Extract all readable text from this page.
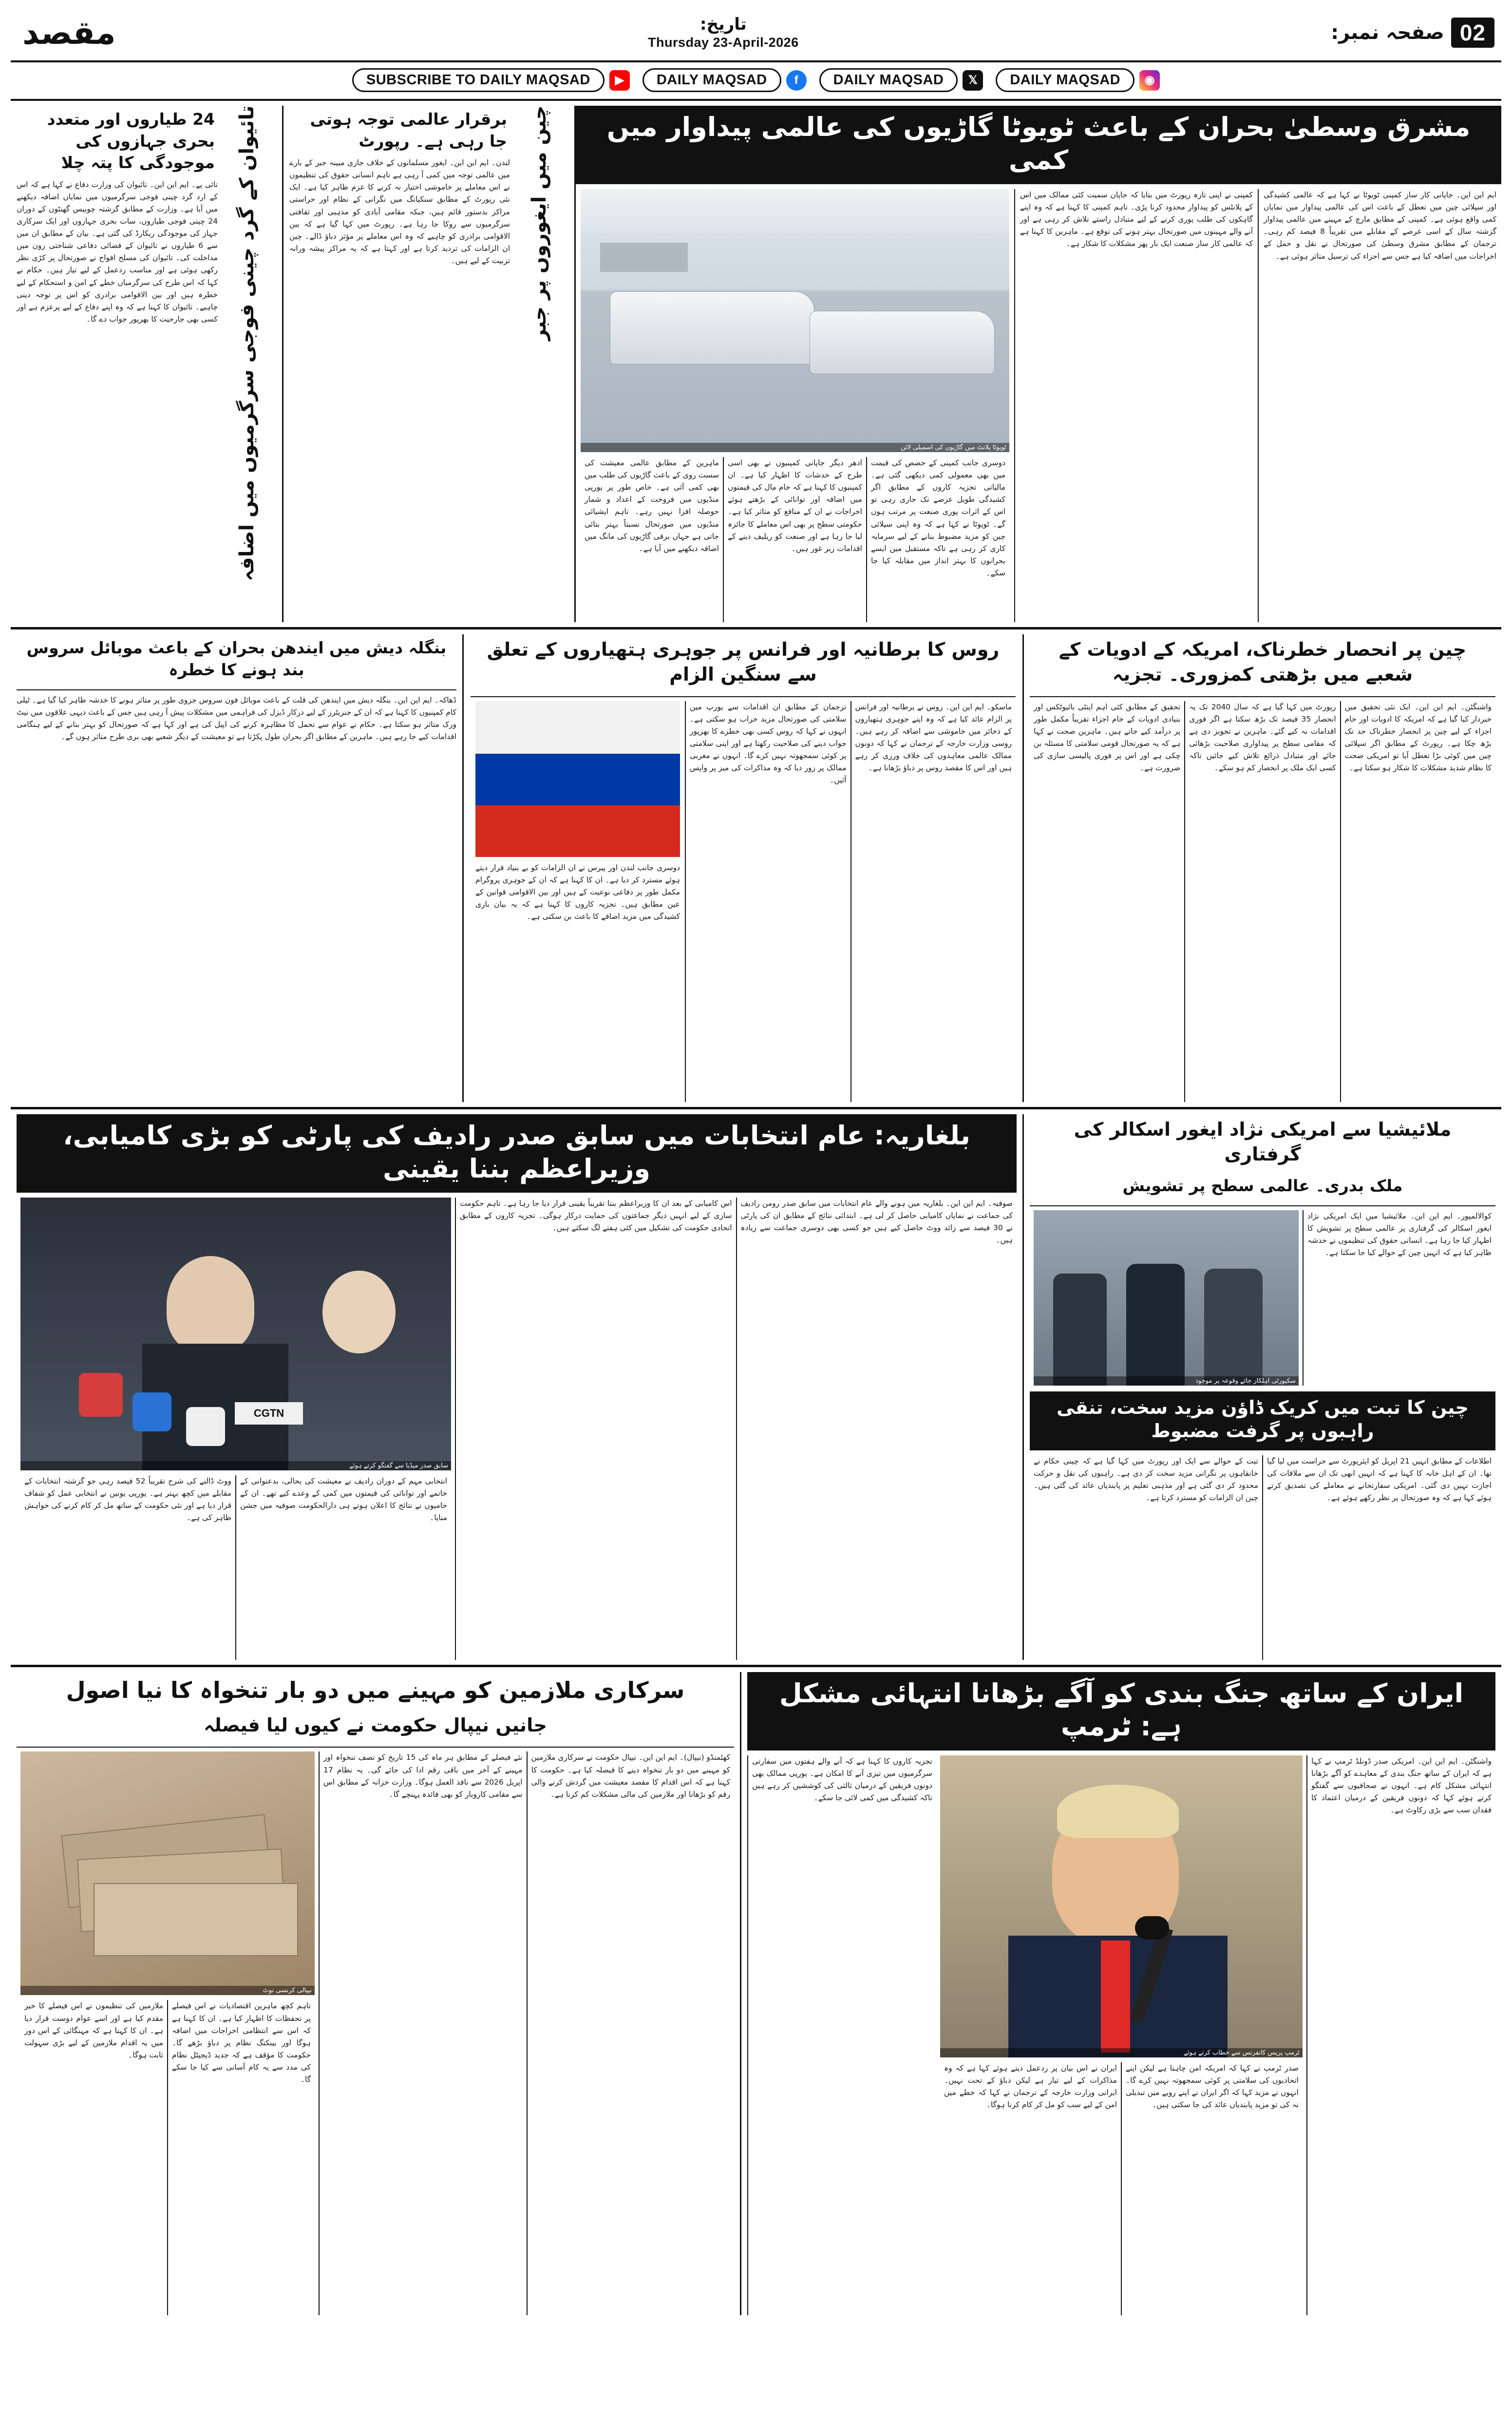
02
صفحہ نمبر:
تاریخ:
Thursday 23-April-2026
مقصد
◉
DAILY MAQSAD
𝕏
DAILY MAQSAD
f
DAILY MAQSAD
▶
SUBSCRIBE TO DAILY MAQSAD
مشرق وسطیٰ بحران کے باعث ٹویوٹا گاڑیوں کی عالمی پیداوار میں کمی
ایم این این۔ جاپانی کار ساز کمپنی ٹویوٹا نے کہا ہے کہ عالمی کشیدگی اور سپلائی چین میں تعطل کے باعث اس کی عالمی پیداوار میں نمایاں کمی واقع ہوئی ہے۔ کمپنی کے مطابق مارچ کے مہینے میں عالمی پیداوار گزشتہ سال کے اسی عرصے کے مقابلے میں تقریباً 8 فیصد کم رہی۔ ترجمان کے مطابق مشرق وسطیٰ کی صورتحال نے نقل و حمل کے اخراجات میں اضافہ کیا ہے جس سے اجزاء کی ترسیل متاثر ہوئی ہے۔
کمپنی نے اپنی تازہ رپورٹ میں بتایا کہ جاپان سمیت کئی ممالک میں اس کے پلانٹس کو پیداوار محدود کرنا پڑی۔ تاہم کمپنی کا کہنا ہے کہ وہ اپنے گاہکوں کی طلب پوری کرنے کے لیے متبادل راستے تلاش کر رہی ہے اور آنے والے مہینوں میں صورتحال بہتر ہونے کی توقع ہے۔ ماہرین کا کہنا ہے کہ عالمی کار ساز صنعت ایک بار پھر مشکلات کا شکار ہے۔
ٹویوٹا پلانٹ میں گاڑیوں کی اسمبلی لائن
دوسری جانب کمپنی کے حصص کی قیمت میں بھی معمولی کمی دیکھی گئی ہے۔ مالیاتی تجزیہ کاروں کے مطابق اگر کشیدگی طویل عرصے تک جاری رہی تو اس کے اثرات پوری صنعت پر مرتب ہوں گے۔ ٹویوٹا نے کہا ہے کہ وہ اپنی سپلائی چین کو مزید مضبوط بنانے کے لیے سرمایہ کاری کر رہی ہے تاکہ مستقبل میں ایسے بحرانوں کا بہتر انداز میں مقابلہ کیا جا سکے۔
ادھر دیگر جاپانی کمپنیوں نے بھی اسی طرح کے خدشات کا اظہار کیا ہے۔ ان کمپنیوں کا کہنا ہے کہ خام مال کی قیمتوں میں اضافہ اور توانائی کے بڑھتے ہوئے اخراجات نے ان کے منافع کو متاثر کیا ہے۔ حکومتی سطح پر بھی اس معاملے کا جائزہ لیا جا رہا ہے اور صنعت کو ریلیف دینے کے اقدامات زیر غور ہیں۔
ماہرین کے مطابق عالمی معیشت کی سست روی کے باعث گاڑیوں کی طلب میں بھی کمی آئی ہے۔ خاص طور پر یورپی منڈیوں میں فروخت کے اعداد و شمار حوصلہ افزا نہیں رہے۔ تاہم ایشیائی منڈیوں میں صورتحال نسبتاً بہتر بتائی جاتی ہے جہاں برقی گاڑیوں کی مانگ میں اضافہ دیکھنے میں آیا ہے۔
چین میں ایغوروں پر جبر
برقرار عالمی توجہ ہوتی جا رہی ہے۔ رپورٹ
لندن۔ ایم این این۔ ایغور مسلمانوں کے خلاف جاری مبینہ جبر کے بارے میں عالمی توجہ میں کمی آ رہی ہے تاہم انسانی حقوق کی تنظیموں نے اس معاملے پر خاموشی اختیار نہ کرنے کا عزم ظاہر کیا ہے۔ ایک نئی رپورٹ کے مطابق سنکیانگ میں نگرانی کے نظام اور حراستی مراکز بدستور قائم ہیں، جبکہ مقامی آبادی کو مذہبی اور ثقافتی سرگرمیوں سے روکا جا رہا ہے۔ رپورٹ میں کہا گیا ہے کہ بین الاقوامی برادری کو چاہیے کہ وہ اس معاملے پر مؤثر دباؤ ڈالے۔ چین ان الزامات کی تردید کرتا ہے اور کہتا ہے کہ یہ مراکز پیشہ ورانہ تربیت کے لیے ہیں۔
تائیوان کے گرد چینی فوجی سرگرمیوں میں اضافہ
24 طیاروں اور متعدد بحری جہازوں کی موجودگی کا پتہ چلا
تائی پے۔ ایم این این۔ تائیوان کی وزارت دفاع نے کہا ہے کہ اس کے ارد گرد چینی فوجی سرگرمیوں میں نمایاں اضافہ دیکھنے میں آیا ہے۔ وزارت کے مطابق گزشتہ چوبیس گھنٹوں کے دوران 24 چینی فوجی طیاروں، سات بحری جہازوں اور ایک سرکاری جہاز کی موجودگی ریکارڈ کی گئی ہے۔ بیان کے مطابق ان میں سے 6 طیاروں نے تائیوان کے فضائی دفاعی شناختی زون میں مداخلت کی۔ تائیوان کی مسلح افواج نے صورتحال پر کڑی نظر رکھی ہوئی ہے اور مناسب ردعمل کے لیے تیار ہیں۔ حکام نے کہا کہ اس طرح کی سرگرمیاں خطے کے امن و استحکام کے لیے خطرہ ہیں اور بین الاقوامی برادری کو اس پر توجہ دینی چاہیے۔ تائیوان کا کہنا ہے کہ وہ اپنے دفاع کے لیے پرعزم ہے اور کسی بھی جارحیت کا بھرپور جواب دے گا۔
چین پر انحصار خطرناک، امریکہ کے ادویات کے شعبے میں بڑھتی کمزوری۔ تجزیہ
واشنگٹن۔ ایم این این۔ ایک نئی تحقیق میں خبردار کیا گیا ہے کہ امریکہ کا ادویات اور خام اجزاء کے لیے چین پر انحصار خطرناک حد تک بڑھ چکا ہے۔ رپورٹ کے مطابق اگر سپلائی چین میں کوئی بڑا تعطل آیا تو امریکی صحت کا نظام شدید مشکلات کا شکار ہو سکتا ہے۔
رپورٹ میں کہا گیا ہے کہ سال 2040 تک یہ انحصار 35 فیصد تک بڑھ سکتا ہے اگر فوری اقدامات نہ کیے گئے۔ ماہرین نے تجویز دی ہے کہ مقامی سطح پر پیداواری صلاحیت بڑھائی جائے اور متبادل ذرائع تلاش کیے جائیں تاکہ کسی ایک ملک پر انحصار کم ہو سکے۔
تحقیق کے مطابق کئی اہم اینٹی بائیوٹکس اور بنیادی ادویات کے خام اجزاء تقریباً مکمل طور پر درآمد کیے جاتے ہیں۔ ماہرین صحت نے کہا ہے کہ یہ صورتحال قومی سلامتی کا مسئلہ بن چکی ہے اور اس پر فوری پالیسی سازی کی ضرورت ہے۔
روس کا برطانیہ اور فرانس پر جوہری ہتھیاروں کے تعلق سے سنگین الزام
ماسکو۔ ایم این این۔ روس نے برطانیہ اور فرانس پر الزام عائد کیا ہے کہ وہ اپنے جوہری ہتھیاروں کے ذخائر میں خاموشی سے اضافہ کر رہے ہیں۔ روسی وزارت خارجہ کے ترجمان نے کہا کہ دونوں ممالک عالمی معاہدوں کی خلاف ورزی کر رہے ہیں اور اس کا مقصد روس پر دباؤ بڑھانا ہے۔
ترجمان کے مطابق ان اقدامات سے یورپ میں سلامتی کی صورتحال مزید خراب ہو سکتی ہے۔ انہوں نے کہا کہ روس کسی بھی خطرے کا بھرپور جواب دینے کی صلاحیت رکھتا ہے اور اپنی سلامتی پر کوئی سمجھوتہ نہیں کرے گا۔ انہوں نے مغربی ممالک پر زور دیا کہ وہ مذاکرات کی میز پر واپس آئیں۔
دوسری جانب لندن اور پیرس نے ان الزامات کو بے بنیاد قرار دیتے ہوئے مسترد کر دیا ہے۔ ان کا کہنا ہے کہ ان کے جوہری پروگرام مکمل طور پر دفاعی نوعیت کے ہیں اور بین الاقوامی قوانین کے عین مطابق ہیں۔ تجزیہ کاروں کا کہنا ہے کہ یہ بیان بازی کشیدگی میں مزید اضافے کا باعث بن سکتی ہے۔
بنگلہ دیش میں ایندھن بحران کے باعث موبائل سروس بند ہونے کا خطرہ
ڈھاکہ۔ ایم این این۔ بنگلہ دیش میں ایندھن کی قلت کے باعث موبائل فون سروس جزوی طور پر متاثر ہونے کا خدشہ ظاہر کیا گیا ہے۔ ٹیلی کام کمپنیوں کا کہنا ہے کہ ان کے جنریٹرز کے لیے درکار ڈیزل کی فراہمی میں مشکلات پیش آ رہی ہیں جس کے باعث دیہی علاقوں میں نیٹ ورک متاثر ہو سکتا ہے۔ حکام نے عوام سے تحمل کا مظاہرہ کرنے کی اپیل کی ہے اور کہا ہے کہ صورتحال کو بہتر بنانے کے لیے ہنگامی اقدامات کیے جا رہے ہیں۔ ماہرین کے مطابق اگر بحران طول پکڑتا ہے تو معیشت کے دیگر شعبے بھی بری طرح متاثر ہوں گے۔
ملائیشیا سے امریکی نژاد ایغور اسکالر کی گرفتاری
ملک بدری۔ عالمی سطح پر تشویش
کوالالمپور۔ ایم این این۔ ملائیشیا میں ایک امریکی نژاد ایغور اسکالر کی گرفتاری پر عالمی سطح پر تشویش کا اظہار کیا جا رہا ہے۔ انسانی حقوق کی تنظیموں نے خدشہ ظاہر کیا ہے کہ انہیں چین کے حوالے کیا جا سکتا ہے۔
سکیورٹی اہلکار جائے وقوعہ پر موجود
چین کا تبت میں کریک ڈاؤن مزید سخت، تنقی راہبوں پر گرفت مضبوط
اطلاعات کے مطابق انہیں 21 اپریل کو ایئرپورٹ سے حراست میں لیا گیا تھا۔ ان کے اہل خانہ کا کہنا ہے کہ انہیں ابھی تک ان سے ملاقات کی اجازت نہیں دی گئی۔ امریکی سفارتخانے نے معاملے کی تصدیق کرتے ہوئے کہا ہے کہ وہ صورتحال پر نظر رکھے ہوئے ہے۔
تبت کے حوالے سے ایک اور رپورٹ میں کہا گیا ہے کہ چینی حکام نے خانقاہوں پر نگرانی مزید سخت کر دی ہے۔ راہبوں کی نقل و حرکت محدود کر دی گئی ہے اور مذہبی تعلیم پر پابندیاں عائد کی گئی ہیں۔ چین ان الزامات کو مسترد کرتا ہے۔
بلغاریہ: عام انتخابات میں سابق صدر رادیف کی پارٹی کو بڑی کامیابی، وزیراعظم بننا یقینی
صوفیہ۔ ایم این این۔ بلغاریہ میں ہونے والے عام انتخابات میں سابق صدر رومن رادیف کی جماعت نے نمایاں کامیابی حاصل کر لی ہے۔ ابتدائی نتائج کے مطابق ان کی پارٹی نے 30 فیصد سے زائد ووٹ حاصل کیے ہیں جو کسی بھی دوسری جماعت سے زیادہ ہیں۔
اس کامیابی کے بعد ان کا وزیراعظم بننا تقریباً یقینی قرار دیا جا رہا ہے۔ تاہم حکومت سازی کے لیے انہیں دیگر جماعتوں کی حمایت درکار ہوگی۔ تجزیہ کاروں کے مطابق اتحادی حکومت کی تشکیل میں کئی ہفتے لگ سکتے ہیں۔
CGTN
سابق صدر میڈیا سے گفتگو کرتے ہوئے
انتخابی مہم کے دوران رادیف نے معیشت کی بحالی، بدعنوانی کے خاتمے اور توانائی کی قیمتوں میں کمی کے وعدے کیے تھے۔ ان کے حامیوں نے نتائج کا اعلان ہوتے ہی دارالحکومت صوفیہ میں جشن منایا۔
ووٹ ڈالنے کی شرح تقریباً 52 فیصد رہی جو گزشتہ انتخابات کے مقابلے میں کچھ بہتر ہے۔ یورپی یونین نے انتخابی عمل کو شفاف قرار دیا ہے اور نئی حکومت کے ساتھ مل کر کام کرنے کی خواہش ظاہر کی ہے۔
ایران کے ساتھ جنگ بندی کو آگے بڑھانا انتہائی مشکل ہے: ٹرمپ
واشنگٹن۔ ایم این این۔ امریکی صدر ڈونلڈ ٹرمپ نے کہا ہے کہ ایران کے ساتھ جنگ بندی کے معاہدے کو آگے بڑھانا انتہائی مشکل کام ہے۔ انہوں نے صحافیوں سے گفتگو کرتے ہوئے کہا کہ دونوں فریقین کے درمیان اعتماد کا فقدان سب سے بڑی رکاوٹ ہے۔
ٹرمپ پریس کانفرنس سے خطاب کرتے ہوئے
صدر ٹرمپ نے کہا کہ امریکہ امن چاہتا ہے لیکن اپنے اتحادیوں کی سلامتی پر کوئی سمجھوتہ نہیں کرے گا۔ انہوں نے مزید کہا کہ اگر ایران نے اپنے رویے میں تبدیلی نہ کی تو مزید پابندیاں عائد کی جا سکتی ہیں۔
ایران نے اس بیان پر ردعمل دیتے ہوئے کہا ہے کہ وہ مذاکرات کے لیے تیار ہے لیکن دباؤ کے تحت نہیں۔ ایرانی وزارت خارجہ کے ترجمان نے کہا کہ خطے میں امن کے لیے سب کو مل کر کام کرنا ہوگا۔
تجزیہ کاروں کا کہنا ہے کہ آنے والے ہفتوں میں سفارتی سرگرمیوں میں تیزی آنے کا امکان ہے۔ یورپی ممالک بھی دونوں فریقین کے درمیان ثالثی کی کوششیں کر رہے ہیں تاکہ کشیدگی میں کمی لائی جا سکے۔
سرکاری ملازمین کو مہینے میں دو بار تنخواہ کا نیا اصول
جانیں نیپال حکومت نے کیوں لیا فیصلہ
کھٹمنڈو (نیپال)۔ ایم این این۔ نیپال حکومت نے سرکاری ملازمین کو مہینے میں دو بار تنخواہ دینے کا فیصلہ کیا ہے۔ حکومت کا کہنا ہے کہ اس اقدام کا مقصد معیشت میں گردش کرنے والی رقم کو بڑھانا اور ملازمین کی مالی مشکلات کم کرنا ہے۔
نئے فیصلے کے مطابق ہر ماہ کی 15 تاریخ کو نصف تنخواہ اور مہینے کے آخر میں باقی رقم ادا کی جائے گی۔ یہ نظام 17 اپریل 2026 سے نافذ العمل ہوگا۔ وزارت خزانہ کے مطابق اس سے مقامی کاروبار کو بھی فائدہ پہنچے گا۔
نیپالی کرنسی نوٹ
تاہم کچھ ماہرین اقتصادیات نے اس فیصلے پر تحفظات کا اظہار کیا ہے۔ ان کا کہنا ہے کہ اس سے انتظامی اخراجات میں اضافہ ہوگا اور بینکنگ نظام پر دباؤ بڑھے گا۔ حکومت کا مؤقف ہے کہ جدید ڈیجیٹل نظام کی مدد سے یہ کام آسانی سے کیا جا سکے گا۔
ملازمین کی تنظیموں نے اس فیصلے کا خیر مقدم کیا ہے اور اسے عوام دوست قرار دیا ہے۔ ان کا کہنا ہے کہ مہنگائی کے اس دور میں یہ اقدام ملازمین کے لیے بڑی سہولت ثابت ہوگا۔
